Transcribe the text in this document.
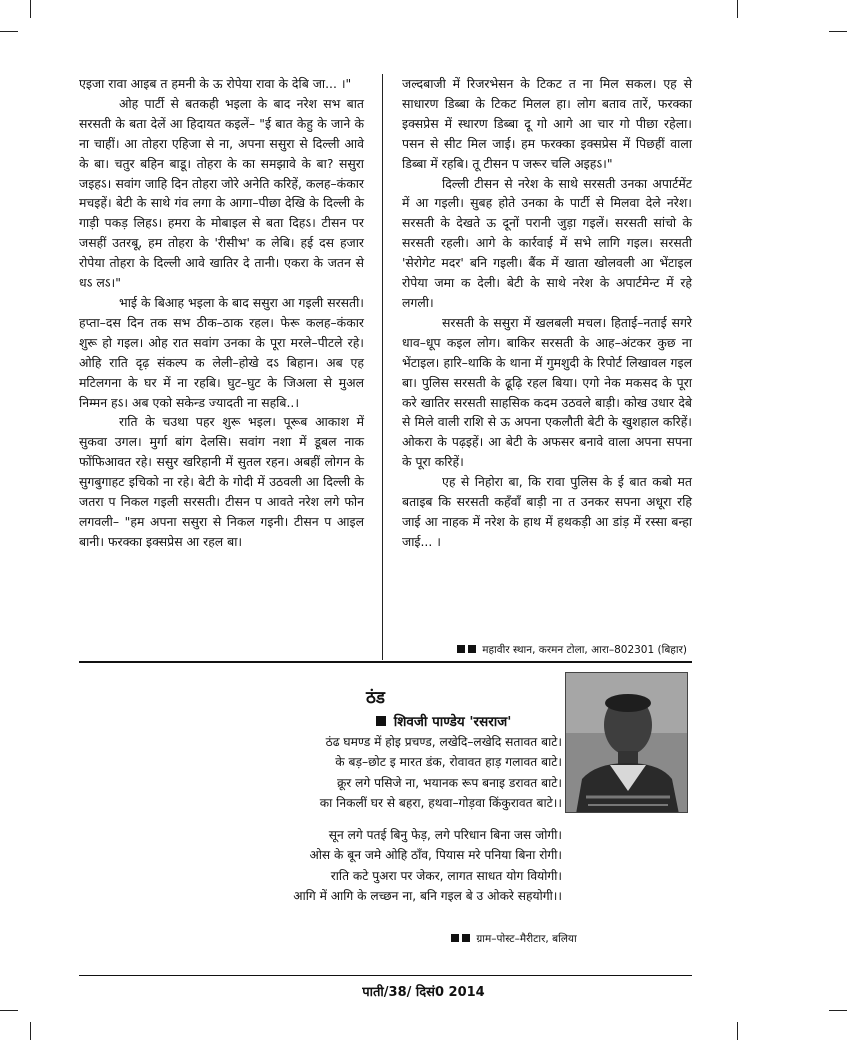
एइजा रावा आइब त हमनी के ऊ रोपेया रावा के देबि जा... ।"

ओह पार्टी से बतकही भइला के बाद नरेश सभ बात सरसती के बता देलें आ हिदायत कइलें– "ई बात केहु के जाने के ना चाहीं। आ तोहरा एहिजा से ना, अपना ससुरा से दिल्ली आवे के बा। चतुर बहिन बाडू। तोहरा के का समझावे के बा? ससुरा जइहऽ। सवांग जाहि दिन तोहरा जोरे अनेति करिहें, कलह–कंकार मचइहें। बेटी के साथे गंव लगा के आगा–पीछा देखि के दिल्ली के गाड़ी पकड़ लिहऽ। हमरा के मोबाइल से बता दिहऽ। टीसन पर जसहीं उतरबू, हम तोहरा के 'रीसीभ' क लेबि। हई दस हजार रोपेया तोहरा के दिल्ली आवे खातिर दे तानी। एकरा के जतन से धऽ लऽ।"

भाई के बिआह भइला के बाद ससुरा आ गइली सरसती। हप्ता–दस दिन तक सभ ठीक–ठाक रहल। फेरू कलह–कंकार शुरू हो गइल। ओह रात सवांग उनका के पूरा मरले–पीटले रहे। ओहि राति दृढ़ संकल्प क लेली–होखे दऽ बिहान। अब एह मटिलगना के घर में ना रहबि। घुट–घुट के जिअला से मुअल निम्मन हऽ। अब एको सकेन्ड ज्यादती ना सहबि..।

राति के चउथा पहर शुरू भइल। पूरूब आकाश में सुकवा उगल। मुर्गा बांग देलसि। सवांग नशा में डूबल नाक फोंफिआवत रहे। ससुर खरिहानी में सुतल रहन। अबहीं लोगन के सुगबुगाहट इचिको ना रहे। बेटी के गोदी में उठवली आ दिल्ली के जतरा प निकल गइली सरसती। टीसन प आवते नरेश लगे फोन लगवली– "हम अपना ससुरा से निकल गइनी। टीसन प आइल बानी। फरक्का इक्सप्रेस आ रहल बा।

जल्दबाजी में रिजरभेसन के टिकट त ना मिल सकल। एह से साधारण डिब्बा के टिकट मिलल हा। लोग बताव तारें, फरक्का इक्सप्रेस में स्धारण डिब्बा दू गो आगे आ चार गो पीछा रहेला। पसन से सीट मिल जाई। हम फरक्का इक्सप्रेस में पिछहीं वाला डिब्बा में रहबि। तू टीसन प जरूर चलि अइहऽ।"

दिल्ली टीसन से नरेश के साथे सरसती उनका अपार्टमेंट में आ गइली। सुबह होते उनका के पार्टी से मिलवा देले नरेश। सरसती के देखते ऊ दूनों परानी जुड़ा गइलें। सरसती सांचो के सरसती रहली। आगे के कार्रवाई में सभे लागि गइल। सरसती 'सेरोगेट मदर' बनि गइली। बैंक में खाता खोलवली आ भेंटाइल रोपेया जमा क देली। बेटी के साथे नरेश के अपार्टमेन्ट में रहे लगली।

सरसती के ससुरा में खलबली मचल। हिताई–नताई सगरे धाव–धूप कइल लोग। बाकिर सरसती के आह–अंटकर कुछ ना भेंटाइल। हारि–थाकि के थाना में गुमशुदी के रिपोर्ट लिखावल गइल बा। पुलिस सरसती के ढूढ़ि रहल बिया। एगो नेक मकसद के पूरा करे खातिर सरसती साहसिक कदम उठवले बाड़ी। कोख उधार देबे से मिले वाली राशि से ऊ अपना एकलौती बेटी के खुशहाल करिहें। ओकरा के पढ़इहें। आ बेटी के अफसर बनावे वाला अपना सपना के पूरा करिहें।

एह से निहोरा बा, कि रावा पुलिस के ई बात कबो मत बताइब कि सरसती कहँवाँ बाड़ी ना त उनकर सपना अधूरा रहि जाई आ नाहक में नरेश के हाथ में हथकड़ी आ डांड़ में रस्सा बन्हा जाई... ।

महावीर स्थान, करमन टोला, आरा–802301 (बिहार)
ठंड
शिवजी पाण्डेय 'रसराज'
ठंढ घमण्ड में होइ प्रचण्ड, लखेदि–लखेदि सतावत बाटे।
के बड़–छोट इ मारत डंक, रोवावत हाड़ गलावत बाटे।
क्रूर लगे पसिजे ना, भयानक रूप बनाइ डरावत बाटे।
का निकलीं घर से बहरा, हथवा–गोड़वा किंकुरावत बाटे।।
सून लगे पतई बिनु फेड़, लगे परिधान बिना जस जोगी।
ओस के बून जमे ओहि ठाँव, पियास मरे पनिया बिना रोगी।
राति कटे पुअरा पर जेकर, लागत साधत योग वियोगी।
आगि में आगि के लच्छन ना, बनि गइल बे उ ओकरे सहयोगी।।
ग्राम–पोस्ट–मैरीटार, बलिया
पाती/38/ दिसं0 2014
